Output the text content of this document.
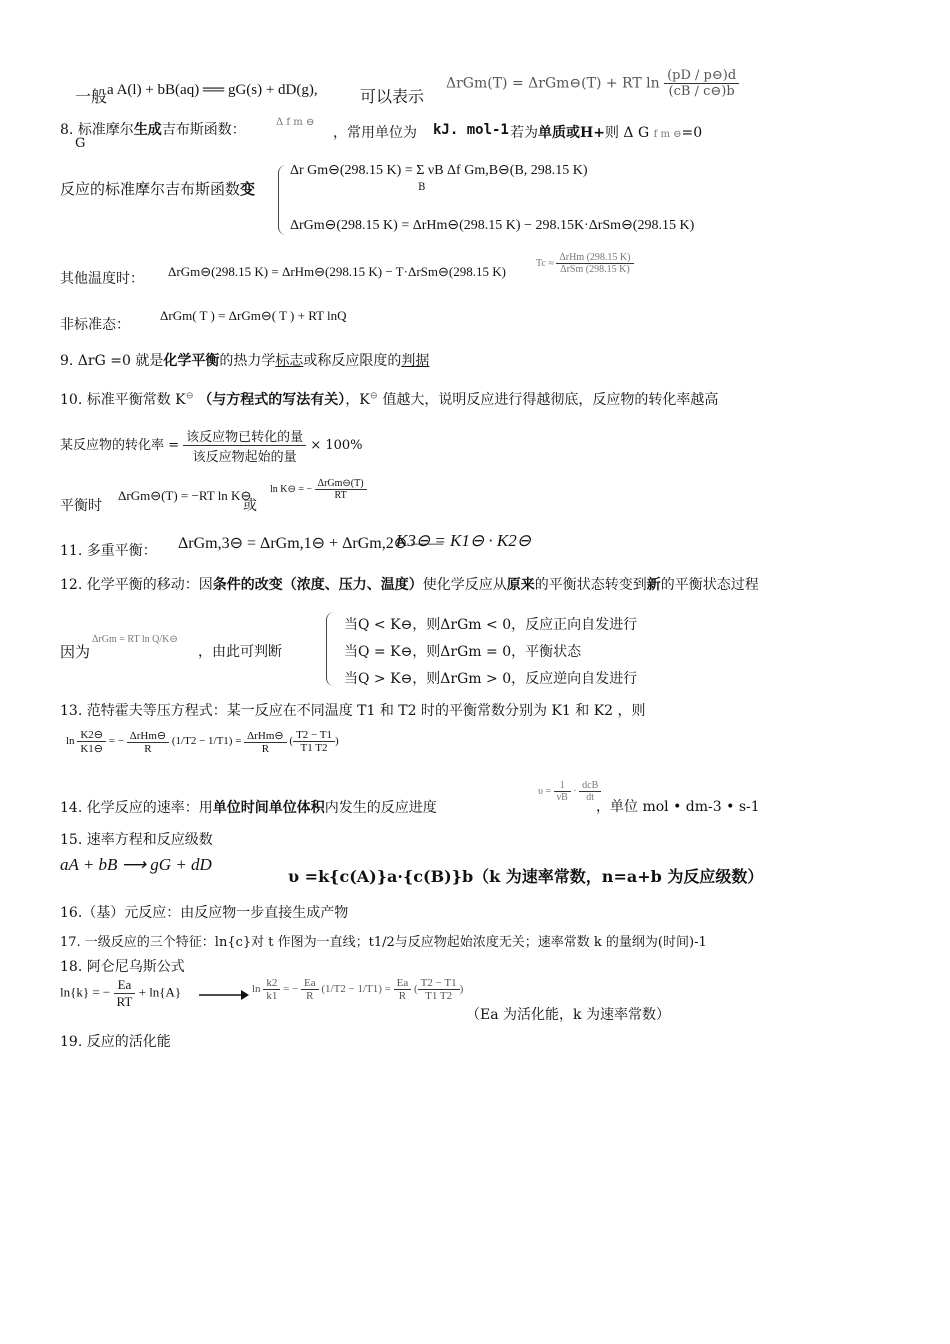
一般 a A(l) + bB(aq) ══ gG(s) + dD(g),	可以表示
ΔrGm(T) = ΔrGm⊖(T) + RT $\ln \frac{(pD / p⊖)d}{(cB / c⊖)b}$
8. 标准摩尔生成吉布斯函数：	Δ f m ⊖
G
，常用单位为 kJ. mol-1 若为单质或H+则 Δ G f m ⊖=0
反应的标准摩尔吉布斯函数变
Δr Gm⊖(298.15 K) = Σ νB Δf Gm,B⊖(B, 298.15 K)
B
ΔrGm⊖(298.15 K) = ΔrHm⊖(298.15 K) − 298.15K·ΔrSm⊖(298.15 K)
其他温度时： ΔrGm⊖(298.15 K) = ΔrHm⊖(298.15 K) − T·ΔrSm⊖(298.15 K)
Tc ≈
ΔrHm (298.15 K)
ΔrSm (298.15 K)
非标准态：
ΔrGm( T ) = ΔrGm⊖( T ) + RT lnQ
9. ΔrG =0 就是化学平衡的热力学标志或称反应限度的判据
10. 标准平衡常数 K⊖ （与方程式的写法有关），K⊖ 值越大，说明反应进行得越彻底，反应物的转化率越高
某反应物的转化率 =
该反应物已转化的量
该反应物起始的量
× 100%
平衡时
ΔrGm⊖(T) = −RT ln K⊖
或
ln K⊖ = −
ΔrGm⊖(T)
RT
11. 多重平衡： ΔrGm,3⊖ = ΔrGm,1⊖ + ΔrGm,2⊖ ——
K3⊖ = K1⊖ · K2⊖
12. 化学平衡的移动：因条件的改变（浓度、压力、温度）使化学反应从原来的平衡状态转变到新的平衡状态过程
因为
ΔrGm = RT ln Q/K⊖
，由此可判断
当Q < K⊖，则ΔrGm < 0，反应正向自发进行
当Q = K⊖，则ΔrGm = 0，平衡状态
当Q > K⊖，则ΔrGm > 0，反应逆向自发进行
13. 范特霍夫等压方程式：某一反应在不同温度 T1 和 T2 时的平衡常数分别为 K1 和 K2 ，则
$\ln \frac{K2⊖}{K1⊖}$ = − ΔrHm⊖
R
(1/T2 − 1/T1) = ΔrHm⊖
R
( $\frac{T2 - T1}{T1 T2}$ )
14. 化学反应的速率：用单位时间单位体积内发生的反应进度
$\upsilon = \frac{1}{\nu B}$ ·
dcB
dt
，单位 mol • dm-3 • s-1
15. 速率方程和反应级数
aA + bB ⟶ gG + dD
υ =k{c(A)}a·{c(B)}b（k 为速率常数，n=a+b 为反应级数）
16.（基）元反应：由反应物一步直接生成产物
17. 一级反应的三个特征：ln{c}对 t 作图为一直线；t1/2与反应物起始浓度无关；速率常数 k 的量纲为(时间)-1
18. 阿仑尼乌斯公式
ln{k} = − $\frac{Ea}{RT} + \ln\{A\}$	$\ln \frac{k2}{k1}$ = − $\frac{Ea}{R} (1/T2 - 1/T1) = \frac{Ea}{R}$ ( $\frac{T2 - T1}{T1 T2}$ )
（Ea 为活化能，k 为速率常数）
19. 反应的活化能
